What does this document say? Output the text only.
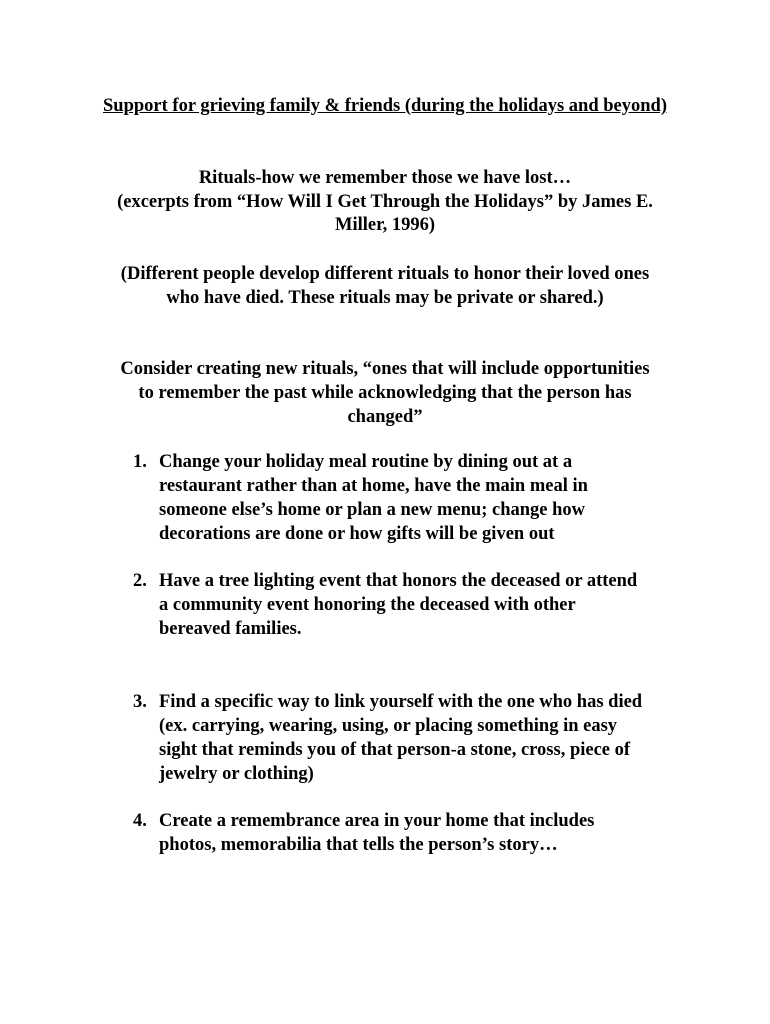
Support for grieving family & friends (during the holidays and beyond)
Rituals-how we remember those we have lost…
(excerpts from “How Will I Get Through the Holidays” by James E. Miller, 1996)
(Different people develop different rituals to honor their loved ones who have died. These rituals may be private or shared.)
Consider creating new rituals, “ones that will include opportunities to remember the past while acknowledging that the person has changed”
1. Change your holiday meal routine by dining out at a restaurant rather than at home, have the main meal in someone else’s home or plan a new menu; change how decorations are done or how gifts will be given out
2. Have a tree lighting event that honors the deceased or attend a community event honoring the deceased with other bereaved families.
3. Find a specific way to link yourself with the one who has died (ex. carrying, wearing, using, or placing something in easy sight that reminds you of that person-a stone, cross, piece of jewelry or clothing)
4. Create a remembrance area in your home that includes photos, memorabilia that tells the person’s story…
